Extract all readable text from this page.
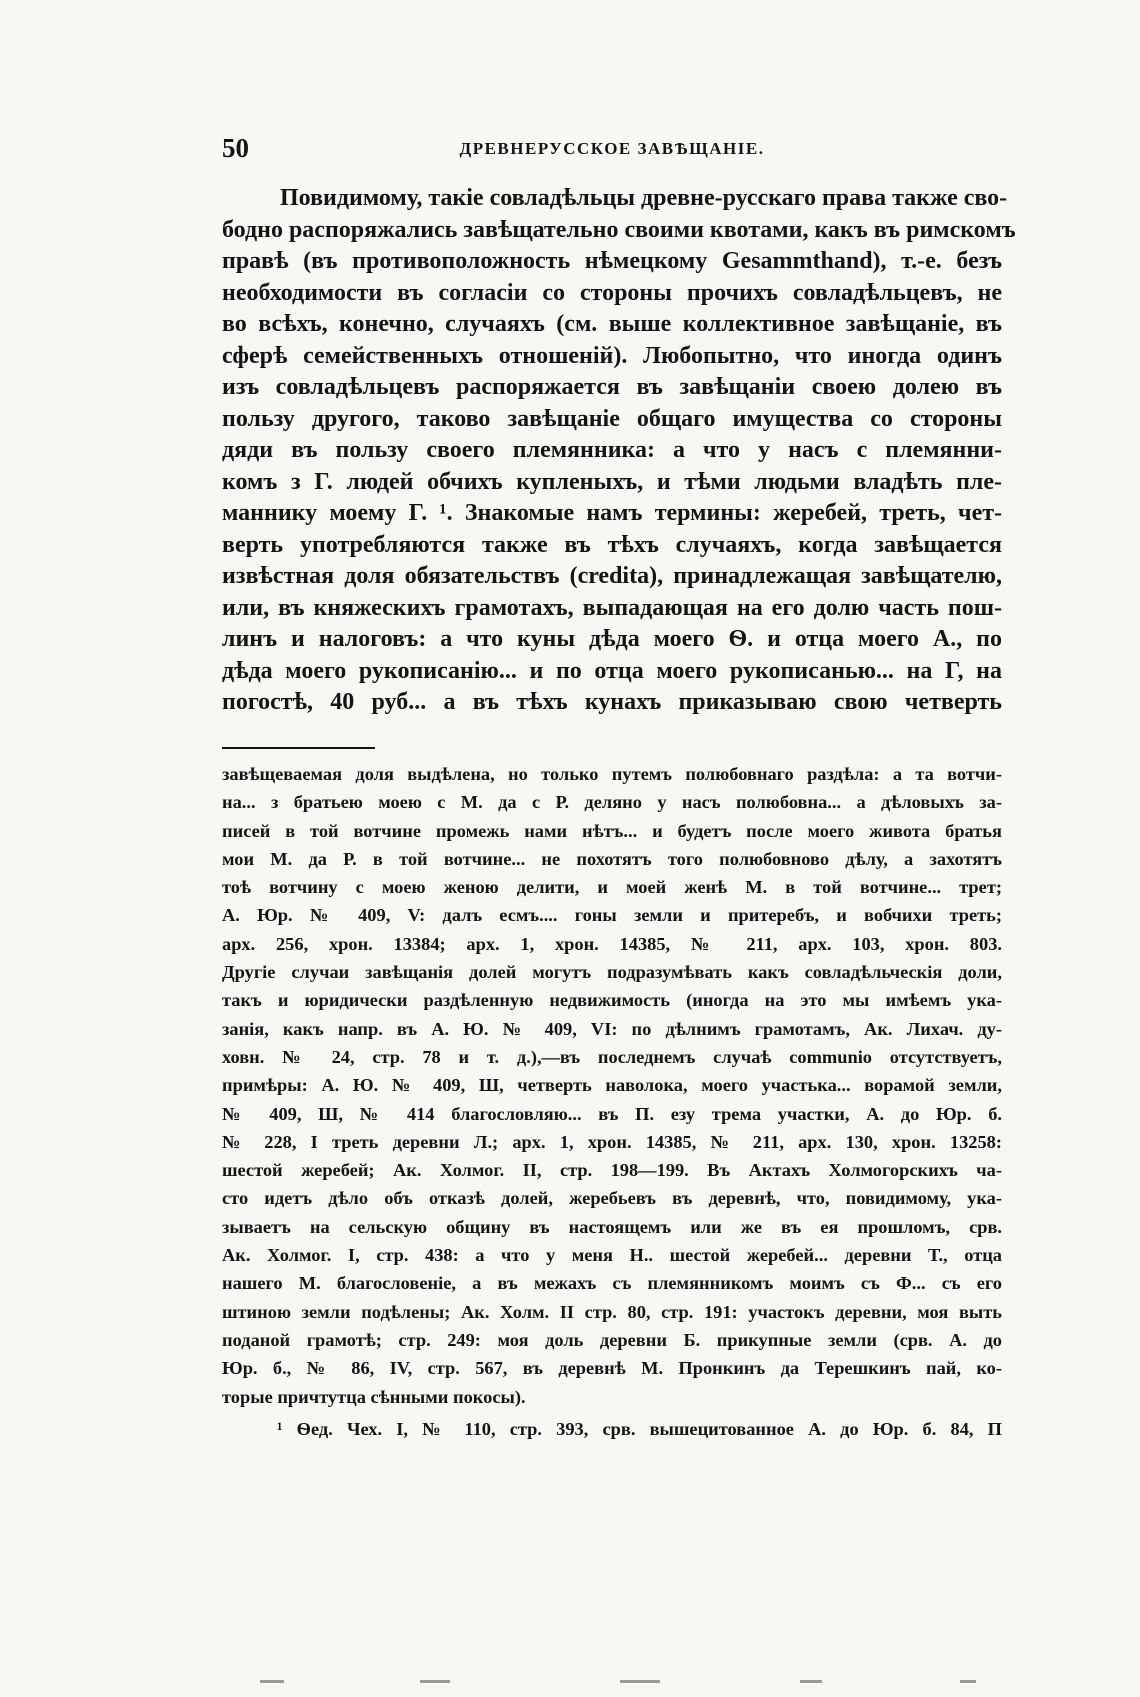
50	ДРЕВНЕРУССКОЕ ЗАВѢЩАНІЕ.
Повидимому, такіе совладѣльцы древне-русскаго права также сво-
бодно распоряжались завѣщательно своими квотами, какъ въ римскомъ
правѣ (въ противоположность нѣмецкому Gesammthand), т.-е. безъ
необходимости въ согласіи со стороны прочихъ совладѣльцевъ, не
во всѣхъ, конечно, случаяхъ (см. выше коллективное завѣщаніе, въ
сферѣ семейственныхъ отношеній). Любопытно, что иногда одинъ
изъ совладѣльцевъ распоряжается въ завѣщаніи своею долею въ
пользу другого, таково завѣщаніе общаго имущества со стороны
дяди въ пользу своего племянника: а что у насъ с племянни-
комъ з Г. людей обчихъ купленыхъ, и тѣми людьми владѣть пле-
маннику моему Г. ¹. Знакомые намъ термины: жеребей, треть, чет-
верть употребляются также въ тѣхъ случаяхъ, когда завѣщается
извѣстная доля обязательствъ (credita), принадлежащая завѣщателю,
или, въ княжескихъ грамотахъ, выпадающая на его долю часть пош-
линъ и налоговъ: а что куны дѣда моего Ѳ. и отца моего А., по
дѣда моего рукописанію... и по отца моего рукописанью... на Г, на
погостѣ, 40 руб... а въ тѣхъ кунахъ приказываю свою четверть
завѣщеваемая доля выдѣлена, но только путемъ полюбовнаго раздѣла: а та вотчи-
на... з братьею моею с М. да с Р. деляно у насъ полюбовна... а дѣловыхъ за-
писей в той вотчине промежь нами нѣтъ... и будетъ после моего живота братья
мои М. да Р. в той вотчине... не похотятъ того полюбовново дѣлу, а захотятъ
тоѣ вотчину с моею женою делити, и моей женѣ М. в той вотчине... трет;
А. Юр. № 409, V: далъ есмъ.... гоны земли и притеребъ, и вобчихи треть;
арх. 256, хрон. 13384; арх. 1, хрон. 14385, № 211, арх. 103, хрон. 803.
Другіе случаи завѣщанія долей могутъ подразумѣвать какъ совладѣльческія доли,
такъ и юридически раздѣленную недвижимость (иногда на это мы имѣемъ ука-
занія, какъ напр. въ А. Ю. № 409, VI: по дѣлнимъ грамотамъ, Ак. Лихач. ду-
ховн. № 24, стр. 78 и т. д.),—въ последнемъ случаѣ communio отсутствуетъ,
примѣры: А. Ю. № 409, Ш, четверть наволока, моего участька... ворамой земли,
№ 409, Ш, № 414 благословляю... въ П. езу трема участки, А. до Юр. б.
№ 228, I треть деревни Л.; арх. 1, хрон. 14385, № 211, арх. 130, хрон. 13258:
шестой жеребей; Ак. Холмог. II, стр. 198—199. Въ Актахъ Холмогорскихъ ча-
сто идетъ дѣло объ отказѣ долей, жеребьевъ въ деревнѣ, что, повидимому, ука-
зываетъ на сельскую общину въ настоящемъ или же въ ея прошломъ, срв.
Ак. Холмог. I, стр. 438: а что у меня Н.. шестой жеребей... деревни Т., отца
нашего М. благословеніе, а въ межахъ съ племянникомъ моимъ съ Ф... съ его
штиною земли подѣлены; Ак. Холм. II стр. 80, стр. 191: участокъ деревни, моя выть
поданой грамотѣ; стр. 249: моя доль деревни Б. прикупные земли (срв. А. до
Юр. б., № 86, IV, стр. 567, въ деревнѣ М. Пронкинъ да Терешкинъ пай, ко-
торые причтутца сѣнными покосы).
¹ Ѳед. Чех. I, № 110, стр. 393, срв. вышецитованное А. до Юр. б. 84, П
